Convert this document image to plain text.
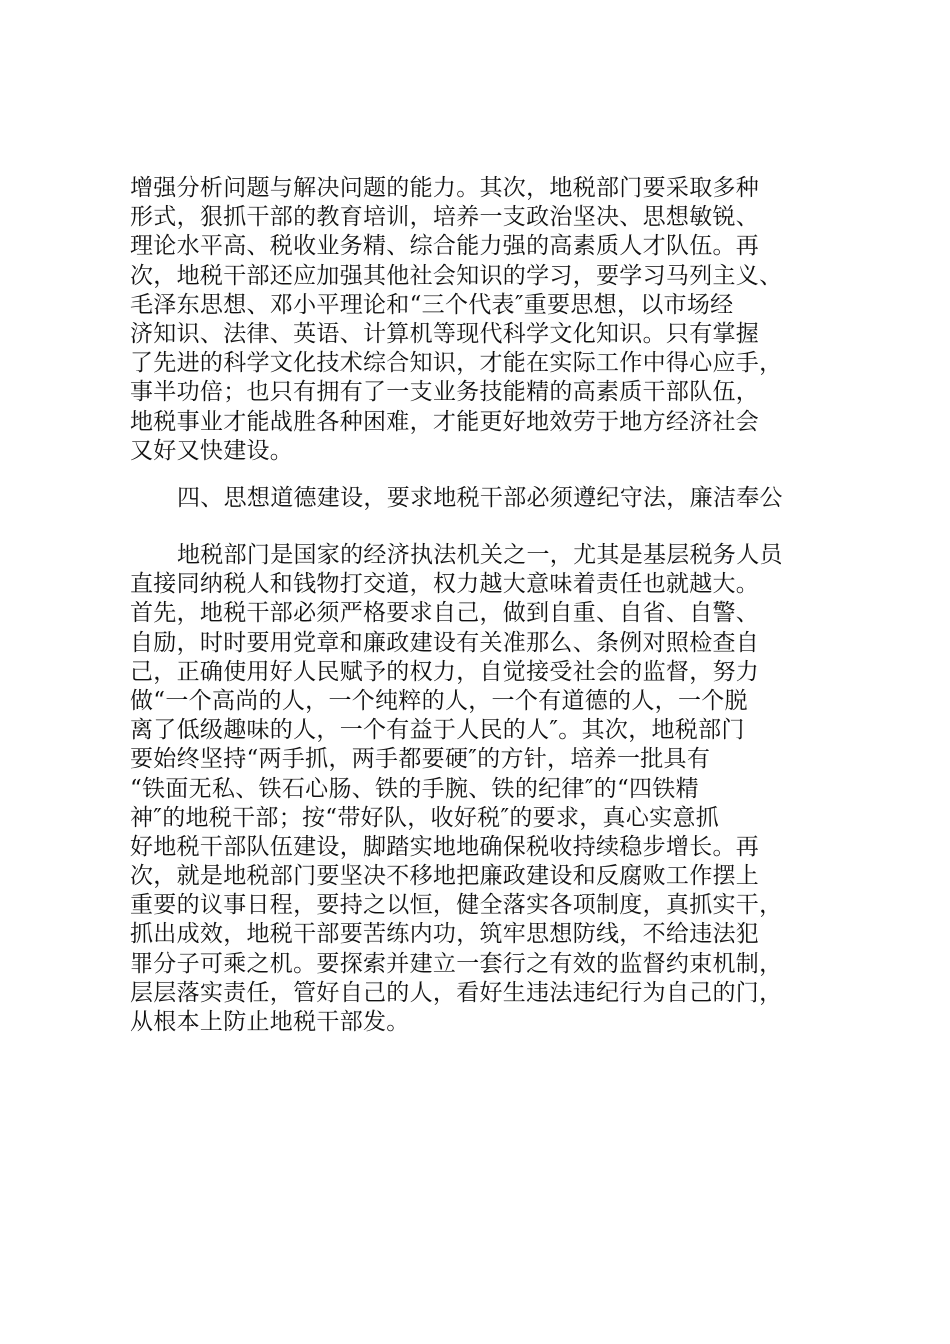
增强分析问题与解决问题的能力。其次，地税部门要采取多种
形式，狠抓干部的教育培训，培养一支政治坚决、思想敏锐、
理论水平高、税收业务精、综合能力强的高素质人才队伍。再
次，地税干部还应加强其他社会知识的学习，要学习马列主义、
毛泽东思想、邓小平理论和“三个代表″重要思想，以市场经
济知识、法律、英语、计算机等现代科学文化知识。只有掌握
了先进的科学文化技术综合知识，才能在实际工作中得心应手，
事半功倍；也只有拥有了一支业务技能精的高素质干部队伍，
地税事业才能战胜各种困难，才能更好地效劳于地方经济社会
又好又快建设。
四、思想道德建设，要求地税干部必须遵纪守法，廉洁奉公
地税部门是国家的经济执法机关之一，尤其是基层税务人员
直接同纳税人和钱物打交道，权力越大意味着责任也就越大。
首先，地税干部必须严格要求自己，做到自重、自省、自警、
自励，时时要用党章和廉政建设有关准那么、条例对照检查自
己，正确使用好人民赋予的权力，自觉接受社会的监督，努力
做“一个高尚的人，一个纯粹的人，一个有道德的人，一个脱
离了低级趣味的人，一个有益于人民的人″。其次，地税部门
要始终坚持“两手抓，两手都要硬″的方针，培养一批具有
“铁面无私、铁石心肠、铁的手腕、铁的纪律″的“四铁精
神″的地税干部；按“带好队，收好税″的要求，真心实意抓
好地税干部队伍建设，脚踏实地地确保税收持续稳步增长。再
次，就是地税部门要坚决不移地把廉政建设和反腐败工作摆上
重要的议事日程，要持之以恒，健全落实各项制度，真抓实干，
抓出成效，地税干部要苦练内功，筑牢思想防线，不给违法犯
罪分子可乘之机。要探索并建立一套行之有效的监督约束机制，
层层落实责任，管好自己的人，看好生违法违纪行为自己的门，
从根本上防止地税干部发。
